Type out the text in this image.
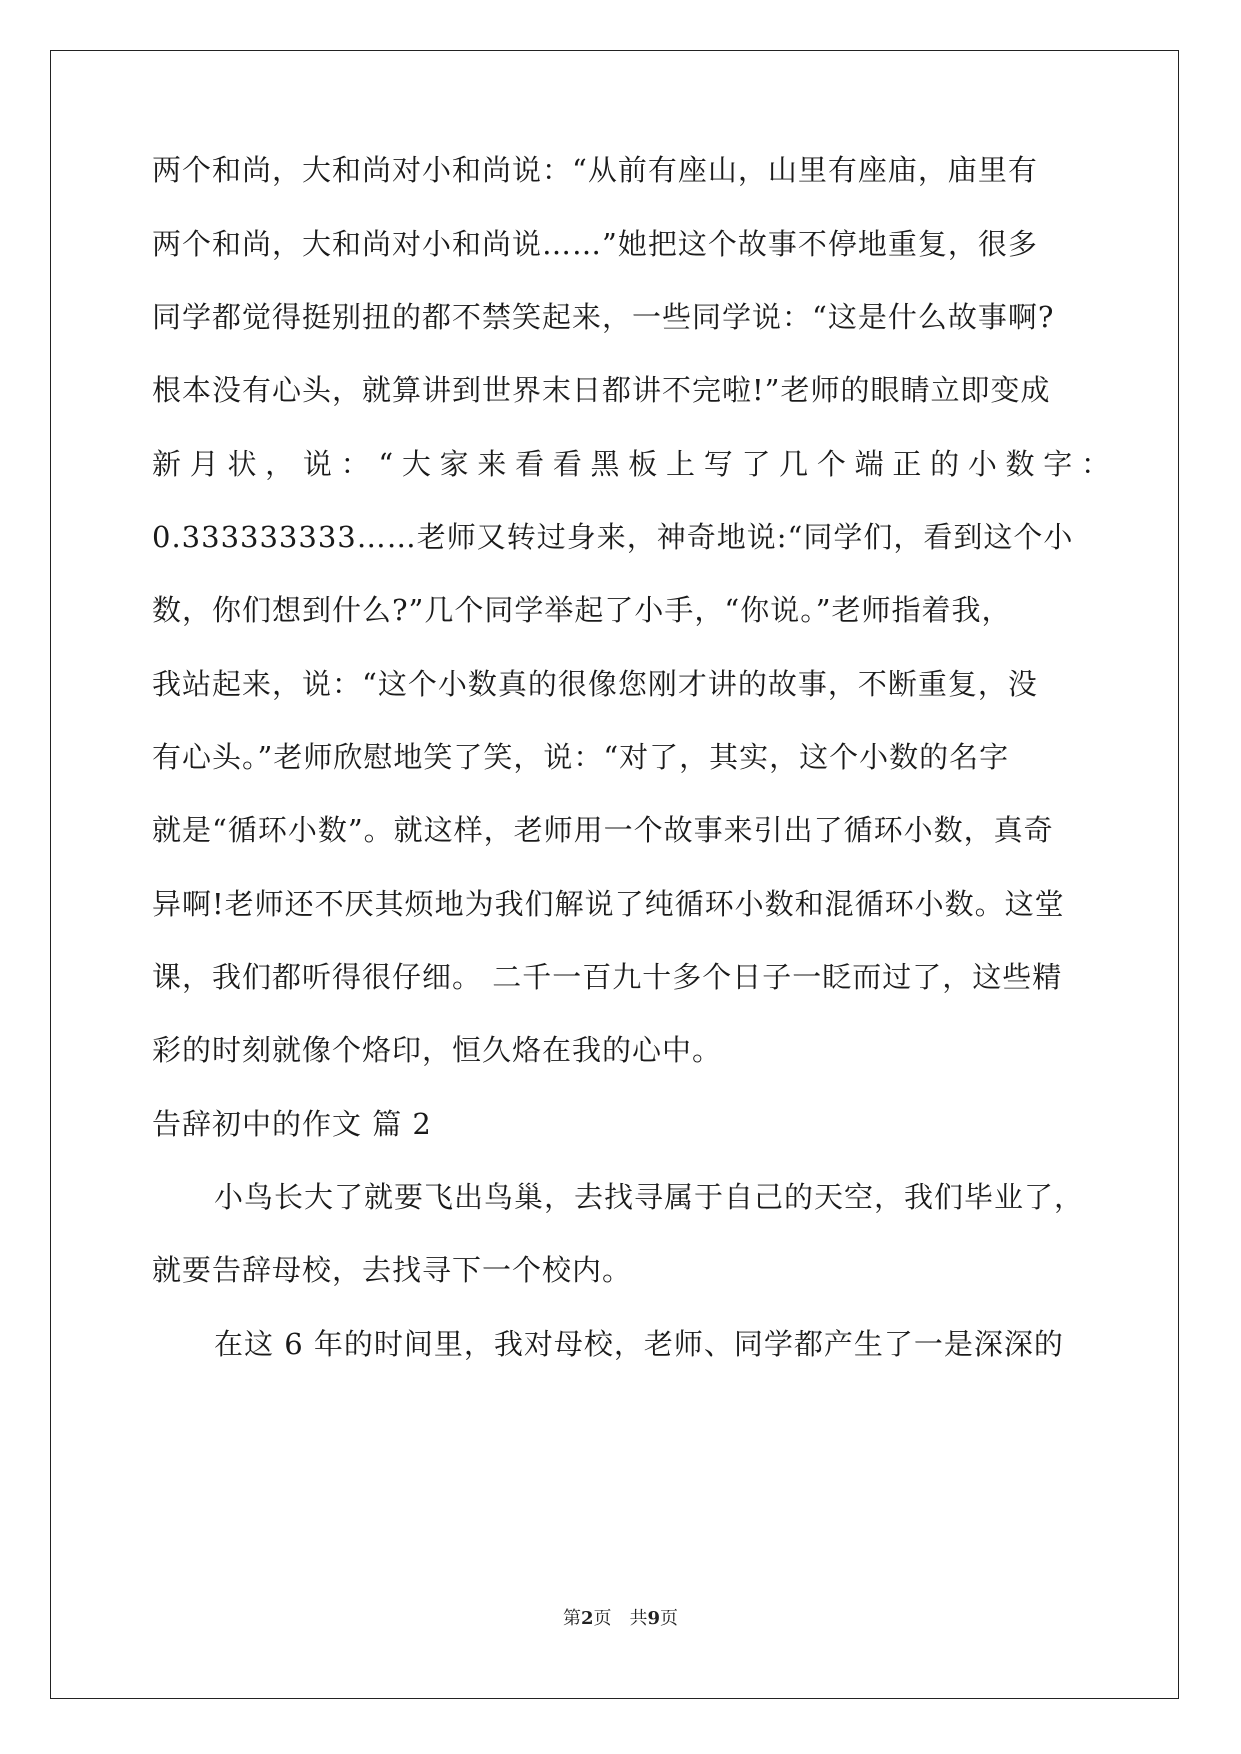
两个和尚，大和尚对小和尚说：“从前有座山，山里有座庙，庙里有
两个和尚，大和尚对小和尚说……”她把这个故事不停地重复，很多
同学都觉得挺别扭的都不禁笑起来，一些同学说：“这是什么故事啊?
根本没有心头，就算讲到世界末日都讲不完啦!”老师的眼睛立即变成
新月状，说：“大家来看看黑板上写了几个端正的小数字：
0.333333333……老师又转过身来，神奇地说:“同学们，看到这个小
数，你们想到什么?”几个同学举起了小手，“你说。”老师指着我，
我站起来，说：“这个小数真的很像您刚才讲的故事，不断重复，没
有心头。”老师欣慰地笑了笑，说：“对了，其实，这个小数的名字
就是“循环小数”。就这样，老师用一个故事来引出了循环小数，真奇
异啊!老师还不厌其烦地为我们解说了纯循环小数和混循环小数。这堂
课，我们都听得很仔细。 二千一百九十多个日子一眨而过了，这些精
彩的时刻就像个烙印，恒久烙在我的心中。
告辞初中的作文 篇 2
小鸟长大了就要飞出鸟巢，去找寻属于自己的天空，我们毕业了，
就要告辞母校，去找寻下一个校内。
在这 6 年的时间里，我对母校，老师、同学都产生了一是深深的
第2页 共9页
